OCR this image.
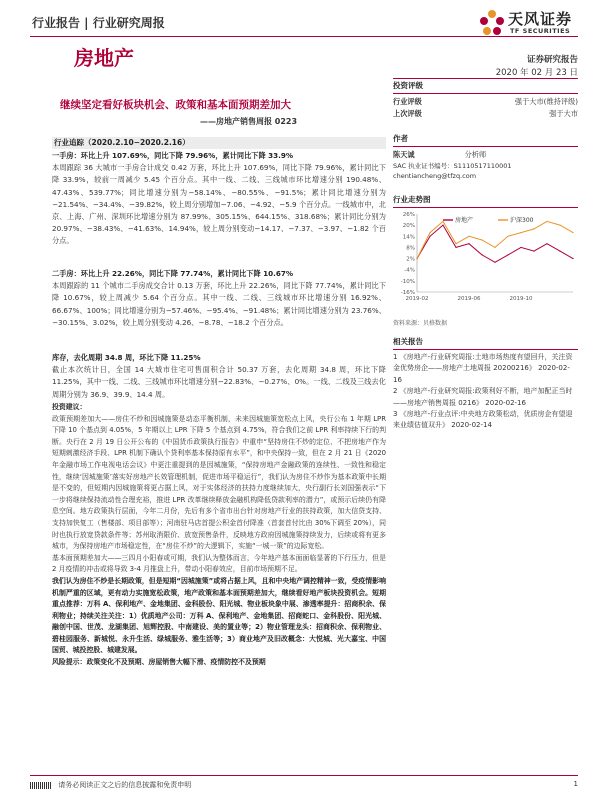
行业报告 | 行业研究周报	天风证券
TF SECURITIES
房地产	证券研究报告
2020 年 02 月 23 日
继续坚定看好板块机会、政策和基本面预期差加大
——房地产销售周报 0223
投资评级
行业评级	强于大市(维持评级)
上次评级	强于大市
作者
陈天诚	分析师
SAC 执业证书编号：S1110517110001
chentiancheng@tfzq.com
行业走势图
26%
20%
14%
8%
2%
-4%
-10%
-16%
2019-02	2019-06	2019-10
房地产	沪深300
资料来源：贝格数据
相关报告
1 《房地产-行业研究周报:土地市场热度有望回升，关注资金优势房企——房地产土地周报 20200216》 2020-02-16
2 《房地产-行业研究周报:政策利好不断，地产加配正当时——房地产销售周报 0216》 2020-02-16
3 《房地产-行业点评:中央地方政策松动，优质房企有望迎来业绩估值双升》 2020-02-14
行业追踪（2020.2.10−2020.2.16）

一手房：环比上升 107.69%，同比下降 79.96%，累计同比下降 33.9%

本周跟踪 36 大城市一手房合计成交 0.42 万套，环比上升 107.69%，同比下降 79.96%，累计同比下降 33.9%，较前一周减少 5.45 个百分点。其中一线、二线、三线城市环比增速分别 190.48%、47.43%、539.77%；同比增速分别为−58.14%、−80.55%、−91.5%；累计同比增速分别为−21.54%、−34.4%、−39.82%，较上周分别增加−7.06、−4.92、−5.9 个百分点。一线城市中，北京、上海、广州、深圳环比增速分别为 87.99%、305.15%、644.15%、318.68%；累计同比分别为 20.97%、−38.43%、−41.63%、14.94%，较上周分别变动−14.17、−7.37、−3.97、−1.82 个百分点。

二手房：环比上升 22.26%，同比下降 77.74%，累计同比下降 10.67%

本周跟踪的 11 个城市二手房成交合计 0.13 万套，环比上升 22.26%，同比下降 77.74%，累计同比下降 10.67%，较上周减少 5.64 个百分点。其中一线、二线、三线城市环比增速分别 16.92%、66.67%、100%；同比增速分别为−57.46%、−95.4%、−91.48%；累计同比增速分别为 23.76%、−30.15%、3.02%，较上周分别变动 4.26、−8.78、−18.2 个百分点。

库存，去化周期 34.8 周，环比下降 11.25%

截止本次统计日，全国 14 大城市住宅可售面积合计 50.37 万套，去化周期 34.8 周，环比下降 11.25%，其中一线、二线、三线城市环比增速分别−22.83%、−0.27%、0%。一线、二线及三线去化周期分别为 36.9、39.9、14.4 周。

投资建议：

政策预期差加大——房住不炒和因城施策是动态平衡机制，未来因城施策宽松点上风，央行公布 1 年期 LPR 下降 10 个基点到 4.05%，5 年期以上 LPR 下降 5 个基点到 4.75%，符合我们之前 LPR 利率持续下行的判断。央行在 2 月 19 日公开公布的《中国货币政策执行报告》中重申“坚持房住不炒的定位、不把房地产作为短期刺激经济手段、LPR 机制下确认个贷利率基本保持原有水平”，和中央保持一致，但在 2 月 21 日《2020 年金融市场工作电视电话会议》中更注重提到的是因城施策，“保持房地产金融政策的连续性、一致性和稳定性，继续‘因城施策’落实好房地产长效管理机制，促进市场平稳运行”，我们认为房住不炒作为基本政策中长期是不变的，但短期内因城施策将更占据上风，对于实体经济的扶持力度继续加大，央行副行长刘国强表示“下一步将继续保持流动性合理充裕，推进 LPR 改革继续释放金融机构降低贷款利率的潜力”，或预示后续仍有降息空间。地方政策执行层面，今年二月份，先后有多个省市出台针对房地产行业的扶持政策，加大信贷支持、支持加快复工（售楼部、项目部等）；河南驻马店首提公积金首付降准（首套首付比由 30%下调至 20%），同时也执行放宽贷款条件等；苏州取消限价、放宽预售条件，反映地方政府因城施策持续发力，后续或将有更多城市，为保持房地产市场稳定性，在“房住不炒”的大逻辑下，实施“一城一策”的边际宽松。

基本面预期差加大——三四月小阳春或可期，我们认为整体而言，今年地产基本面面临显著的下行压力，但是 2 月疫情的冲击或将导致 3-4 月推盘上升，带动小阳春效应，目前市场预期不足。

我们认为房住不炒是长期政策，但是短期“因城施策”或将占据上风，且和中央地产调控精神一致，受疫情影响机制严重的区域，更有动力实施宽松政策，地产政策和基本面预期差加大，继续看好地产板块投资机会。短期重点推荐：万科 A、保利地产、金地集团、金科股份、阳光城、物业板块象中展、渗透率提升：招商积余、保利物业；持续关注关注：1）优质地产公司：万科 A、保利地产、金地集团、招商蛇口、金科股份、阳光城、融创中国、世茂、龙湖集团、旭辉控股、中南建设、美的置业等；2）物业管理龙头：招商积余、保利物业、碧桂园服务、新城悦、永升生活、绿城服务、雅生活等；3）商业地产及旧改概念：大悦城、光大嘉宝、中国国贸、城投控股、城建发展。

风险提示：政策变化不及预期、房屋销售大幅下滑、疫情防控不及预期

请务必阅读正文之后的信息披露和免责申明	1
